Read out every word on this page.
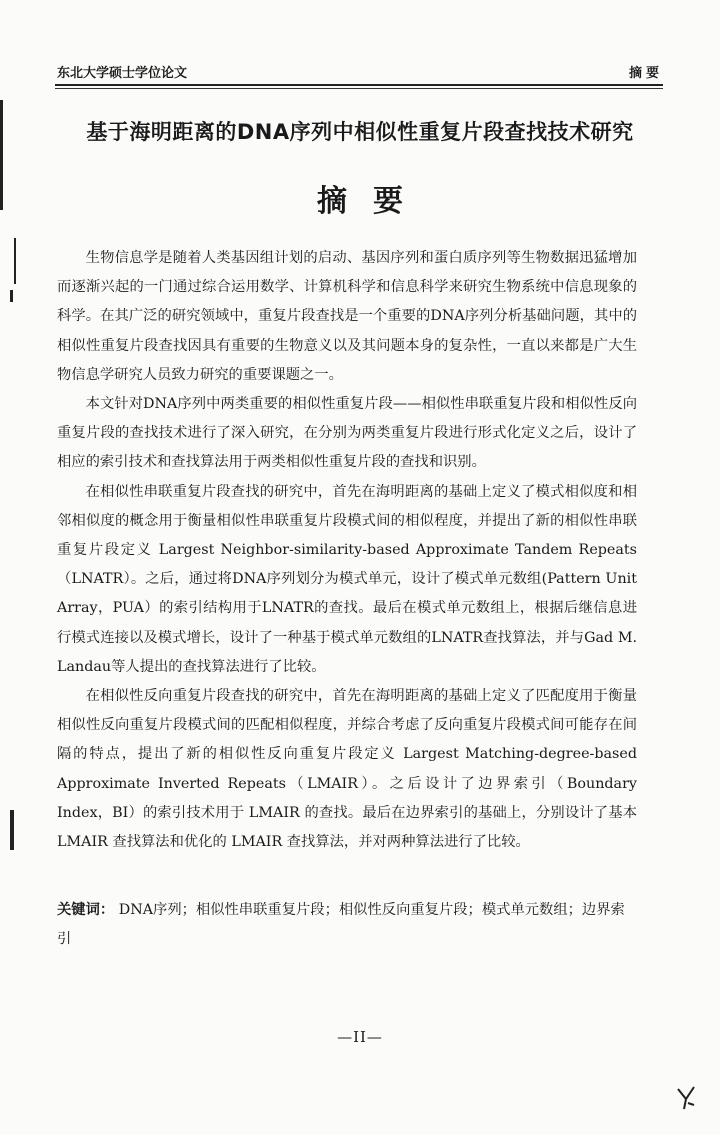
东北大学硕士学位论文	摘要
基于海明距离的DNA序列中相似性重复片段查找技术研究
摘要

生物信息学是随着人类基因组计划的启动、基因序列和蛋白质序列等生物数据迅猛增加而逐渐兴起的一门通过综合运用数学、计算机科学和信息科学来研究生物系统中信息现象的科学。在其广泛的研究领域中，重复片段查找是一个重要的DNA序列分析基础问题，其中的相似性重复片段查找因具有重要的生物意义以及其问题本身的复杂性，一直以来都是广大生物信息学研究人员致力研究的重要课题之一。

本文针对DNA序列中两类重要的相似性重复片段——相似性串联重复片段和相似性反向重复片段的查找技术进行了深入研究，在分别为两类重复片段进行形式化定义之后，设计了相应的索引技术和查找算法用于两类相似性重复片段的查找和识别。

在相似性串联重复片段查找的研究中，首先在海明距离的基础上定义了模式相似度和相邻相似度的概念用于衡量相似性串联重复片段模式间的相似程度，并提出了新的相似性串联重复片段定义 Largest Neighbor-similarity-based Approximate Tandem Repeats（LNATR）。之后，通过将DNA序列划分为模式单元，设计了模式单元数组(Pattern Unit Array，PUA）的索引结构用于LNATR的查找。最后在模式单元数组上，根据后继信息进行模式连接以及模式增长，设计了一种基于模式单元数组的LNATR查找算法，并与Gad M. Landau等人提出的查找算法进行了比较。

在相似性反向重复片段查找的研究中，首先在海明距离的基础上定义了匹配度用于衡量相似性反向重复片段模式间的匹配相似程度，并综合考虑了反向重复片段模式间可能存在间隔的特点，提出了新的相似性反向重复片段定义 Largest Matching-degree-based Approximate Inverted Repeats（LMAIR）。之后设计了边界索引（Boundary Index，BI）的索引技术用于 LMAIR 的查找。最后在边界索引的基础上，分别设计了基本 LMAIR 查找算法和优化的 LMAIR 查找算法，并对两种算法进行了比较。

关键词： DNA序列；相似性串联重复片段；相似性反向重复片段；模式单元数组；边界索引
—II—
